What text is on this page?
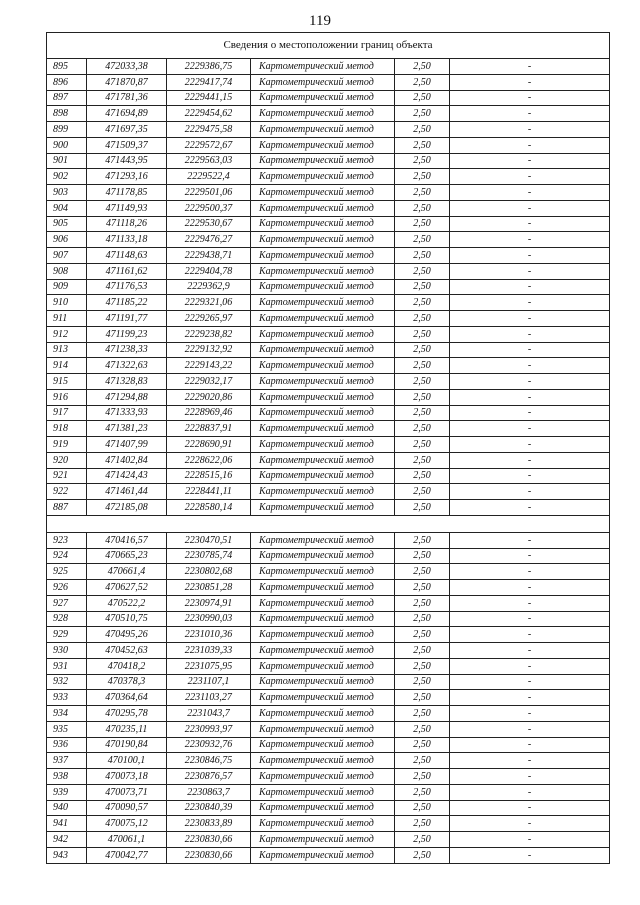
119
Сведения о местоположении границ объекта					
895	472033,38	2229386,75	Картометрический метод	2,50	-
896	471870,87	2229417,74	Картометрический метод	2,50	-
897	471781,36	2229441,15	Картометрический метод	2,50	-
898	471694,89	2229454,62	Картометрический метод	2,50	-
899	471697,35	2229475,58	Картометрический метод	2,50	-
900	471509,37	2229572,67	Картометрический метод	2,50	-
901	471443,95	2229563,03	Картометрический метод	2,50	-
902	471293,16	2229522,4	Картометрический метод	2,50	-
903	471178,85	2229501,06	Картометрический метод	2,50	-
904	471149,93	2229500,37	Картометрический метод	2,50	-
905	471118,26	2229530,67	Картометрический метод	2,50	-
906	471133,18	2229476,27	Картометрический метод	2,50	-
907	471148,63	2229438,71	Картометрический метод	2,50	-
908	471161,62	2229404,78	Картометрический метод	2,50	-
909	471176,53	2229362,9	Картометрический метод	2,50	-
910	471185,22	2229321,06	Картометрический метод	2,50	-
911	471191,77	2229265,97	Картометрический метод	2,50	-
912	471199,23	2229238,82	Картометрический метод	2,50	-
913	471238,33	2229132,92	Картометрический метод	2,50	-
914	471322,63	2229143,22	Картометрический метод	2,50	-
915	471328,83	2229032,17	Картометрический метод	2,50	-
916	471294,88	2229020,86	Картометрический метод	2,50	-
917	471333,93	2228969,46	Картометрический метод	2,50	-
918	471381,23	2228837,91	Картометрический метод	2,50	-
919	471407,99	2228690,91	Картометрический метод	2,50	-
920	471402,84	2228622,06	Картометрический метод	2,50	-
921	471424,43	2228515,16	Картометрический метод	2,50	-
922	471461,44	2228441,11	Картометрический метод	2,50	-
887	472185,08	2228580,14	Картометрический метод	2,50	-

923	470416,57	2230470,51	Картометрический метод	2,50	-
924	470665,23	2230785,74	Картометрический метод	2,50	-
925	470661,4	2230802,68	Картометрический метод	2,50	-
926	470627,52	2230851,28	Картометрический метод	2,50	-
927	470522,2	2230974,91	Картометрический метод	2,50	-
928	470510,75	2230990,03	Картометрический метод	2,50	-
929	470495,26	2231010,36	Картометрический метод	2,50	-
930	470452,63	2231039,33	Картометрический метод	2,50	-
931	470418,2	2231075,95	Картометрический метод	2,50	-
932	470378,3	2231107,1	Картометрический метод	2,50	-
933	470364,64	2231103,27	Картометрический метод	2,50	-
934	470295,78	2231043,7	Картометрический метод	2,50	-
935	470235,11	2230993,97	Картометрический метод	2,50	-
936	470190,84	2230932,76	Картометрический метод	2,50	-
937	470100,1	2230846,75	Картометрический метод	2,50	-
938	470073,18	2230876,57	Картометрический метод	2,50	-
939	470073,71	2230863,7	Картометрический метод	2,50	-
940	470090,57	2230840,39	Картометрический метод	2,50	-
941	470075,12	2230833,89	Картометрический метод	2,50	-
942	470061,1	2230830,66	Картометрический метод	2,50	-
943	470042,77	2230830,66	Картометрический метод	2,50	-
